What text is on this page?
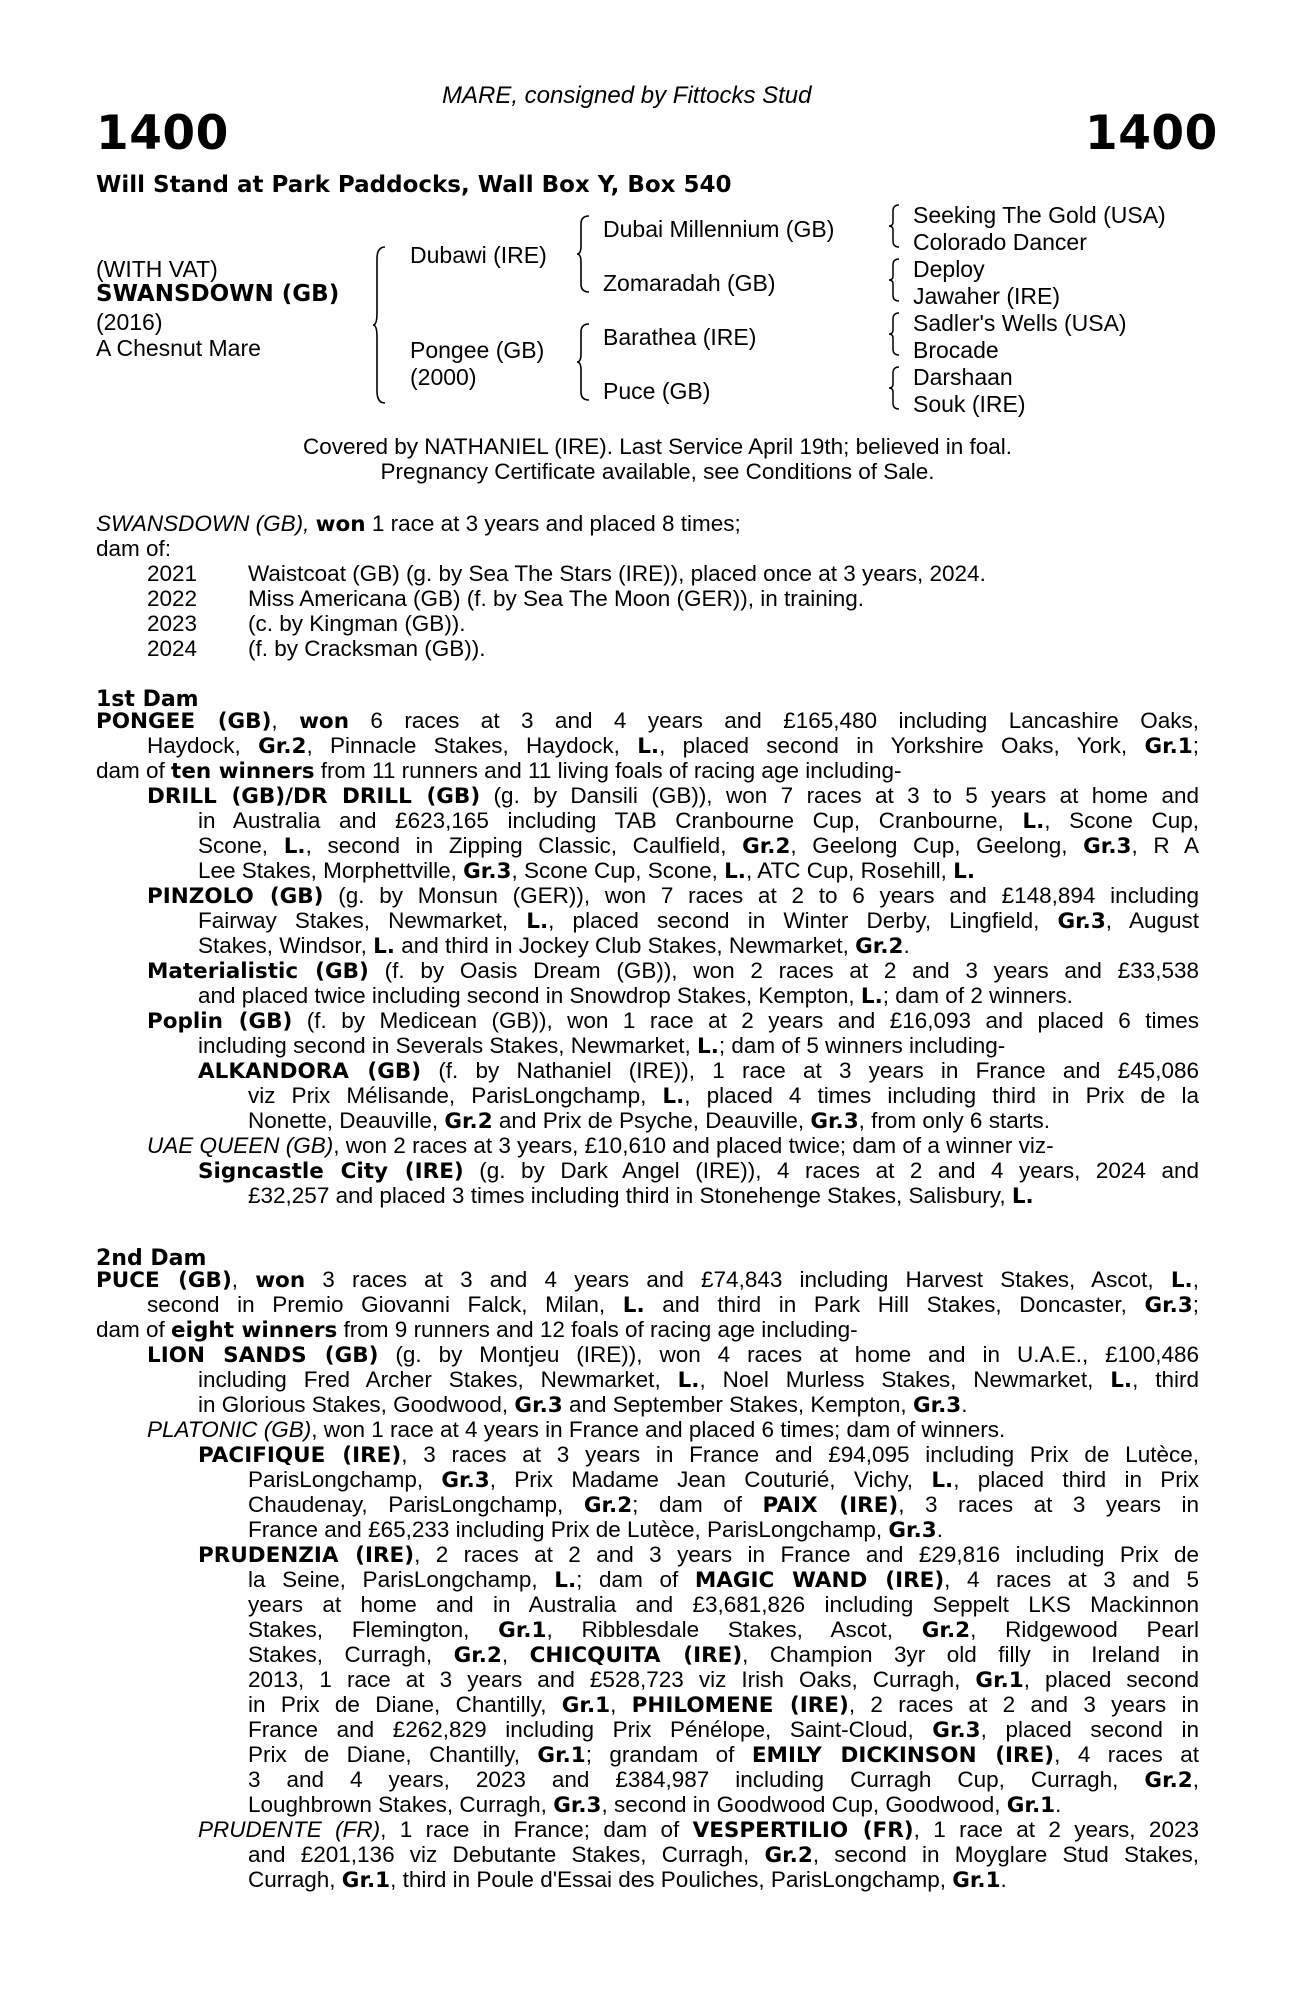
MARE, consigned by Fittocks Stud
1400	1400
Will Stand at Park Paddocks, Wall Box Y, Box 540
(WITH VAT)
SWANSDOWN (GB)
(2016)
A Chesnut Mare
Dubawi (IRE)
Pongee (GB)
(2000)
Dubai Millennium (GB)
Zomaradah (GB)
Barathea (IRE)
Puce (GB)
Seeking The Gold (USA)
Colorado Dancer
Deploy
Jawaher (IRE)
Sadler's Wells (USA)
Brocade
Darshaan
Souk (IRE)
Covered by NATHANIEL (IRE). Last Service April 19th; believed in foal.
Pregnancy Certificate available, see Conditions of Sale.
SWANSDOWN (GB), won 1 race at 3 years and placed 8 times;
dam of:
2021 Waistcoat (GB) (g. by Sea The Stars (IRE)), placed once at 3 years, 2024.
2022 Miss Americana (GB) (f. by Sea The Moon (GER)), in training.
2023 (c. by Kingman (GB)).
2024 (f. by Cracksman (GB)).
1st Dam
PONGEE (GB), won 6 races at 3 and 4 years and £165,480 including Lancashire Oaks,
Haydock, Gr.2, Pinnacle Stakes, Haydock, L., placed second in Yorkshire Oaks, York, Gr.1;
dam of ten winners from 11 runners and 11 living foals of racing age including-
DRILL (GB)/DR DRILL (GB) (g. by Dansili (GB)), won 7 races at 3 to 5 years at home and
in Australia and £623,165 including TAB Cranbourne Cup, Cranbourne, L., Scone Cup,
Scone, L., second in Zipping Classic, Caulfield, Gr.2, Geelong Cup, Geelong, Gr.3, R A
Lee Stakes, Morphettville, Gr.3, Scone Cup, Scone, L., ATC Cup, Rosehill, L.
PINZOLO (GB) (g. by Monsun (GER)), won 7 races at 2 to 6 years and £148,894 including
Fairway Stakes, Newmarket, L., placed second in Winter Derby, Lingfield, Gr.3, August
Stakes, Windsor, L. and third in Jockey Club Stakes, Newmarket, Gr.2.
Materialistic (GB) (f. by Oasis Dream (GB)), won 2 races at 2 and 3 years and £33,538
and placed twice including second in Snowdrop Stakes, Kempton, L.; dam of 2 winners.
Poplin (GB) (f. by Medicean (GB)), won 1 race at 2 years and £16,093 and placed 6 times
including second in Severals Stakes, Newmarket, L.; dam of 5 winners including-
ALKANDORA (GB) (f. by Nathaniel (IRE)), 1 race at 3 years in France and £45,086
viz Prix Mélisande, ParisLongchamp, L., placed 4 times including third in Prix de la
Nonette, Deauville, Gr.2 and Prix de Psyche, Deauville, Gr.3, from only 6 starts.
UAE QUEEN (GB), won 2 races at 3 years, £10,610 and placed twice; dam of a winner viz-
Signcastle City (IRE) (g. by Dark Angel (IRE)), 4 races at 2 and 4 years, 2024 and
£32,257 and placed 3 times including third in Stonehenge Stakes, Salisbury, L.
2nd Dam
PUCE (GB), won 3 races at 3 and 4 years and £74,843 including Harvest Stakes, Ascot, L.,
second in Premio Giovanni Falck, Milan, L. and third in Park Hill Stakes, Doncaster, Gr.3;
dam of eight winners from 9 runners and 12 foals of racing age including-
LION SANDS (GB) (g. by Montjeu (IRE)), won 4 races at home and in U.A.E., £100,486
including Fred Archer Stakes, Newmarket, L., Noel Murless Stakes, Newmarket, L., third
in Glorious Stakes, Goodwood, Gr.3 and September Stakes, Kempton, Gr.3.
PLATONIC (GB), won 1 race at 4 years in France and placed 6 times; dam of winners.
PACIFIQUE (IRE), 3 races at 3 years in France and £94,095 including Prix de Lutèce,
ParisLongchamp, Gr.3, Prix Madame Jean Couturié, Vichy, L., placed third in Prix
Chaudenay, ParisLongchamp, Gr.2; dam of PAIX (IRE), 3 races at 3 years in
France and £65,233 including Prix de Lutèce, ParisLongchamp, Gr.3.
PRUDENZIA (IRE), 2 races at 2 and 3 years in France and £29,816 including Prix de
la Seine, ParisLongchamp, L.; dam of MAGIC WAND (IRE), 4 races at 3 and 5
years at home and in Australia and £3,681,826 including Seppelt LKS Mackinnon
Stakes, Flemington, Gr.1, Ribblesdale Stakes, Ascot, Gr.2, Ridgewood Pearl
Stakes, Curragh, Gr.2, CHICQUITA (IRE), Champion 3yr old filly in Ireland in
2013, 1 race at 3 years and £528,723 viz Irish Oaks, Curragh, Gr.1, placed second
in Prix de Diane, Chantilly, Gr.1, PHILOMENE (IRE), 2 races at 2 and 3 years in
France and £262,829 including Prix Pénélope, Saint-Cloud, Gr.3, placed second in
Prix de Diane, Chantilly, Gr.1; grandam of EMILY DICKINSON (IRE), 4 races at
3 and 4 years, 2023 and £384,987 including Curragh Cup, Curragh, Gr.2,
Loughbrown Stakes, Curragh, Gr.3, second in Goodwood Cup, Goodwood, Gr.1.
PRUDENTE (FR), 1 race in France; dam of VESPERTILIO (FR), 1 race at 2 years, 2023
and £201,136 viz Debutante Stakes, Curragh, Gr.2, second in Moyglare Stud Stakes,
Curragh, Gr.1, third in Poule d'Essai des Pouliches, ParisLongchamp, Gr.1.
